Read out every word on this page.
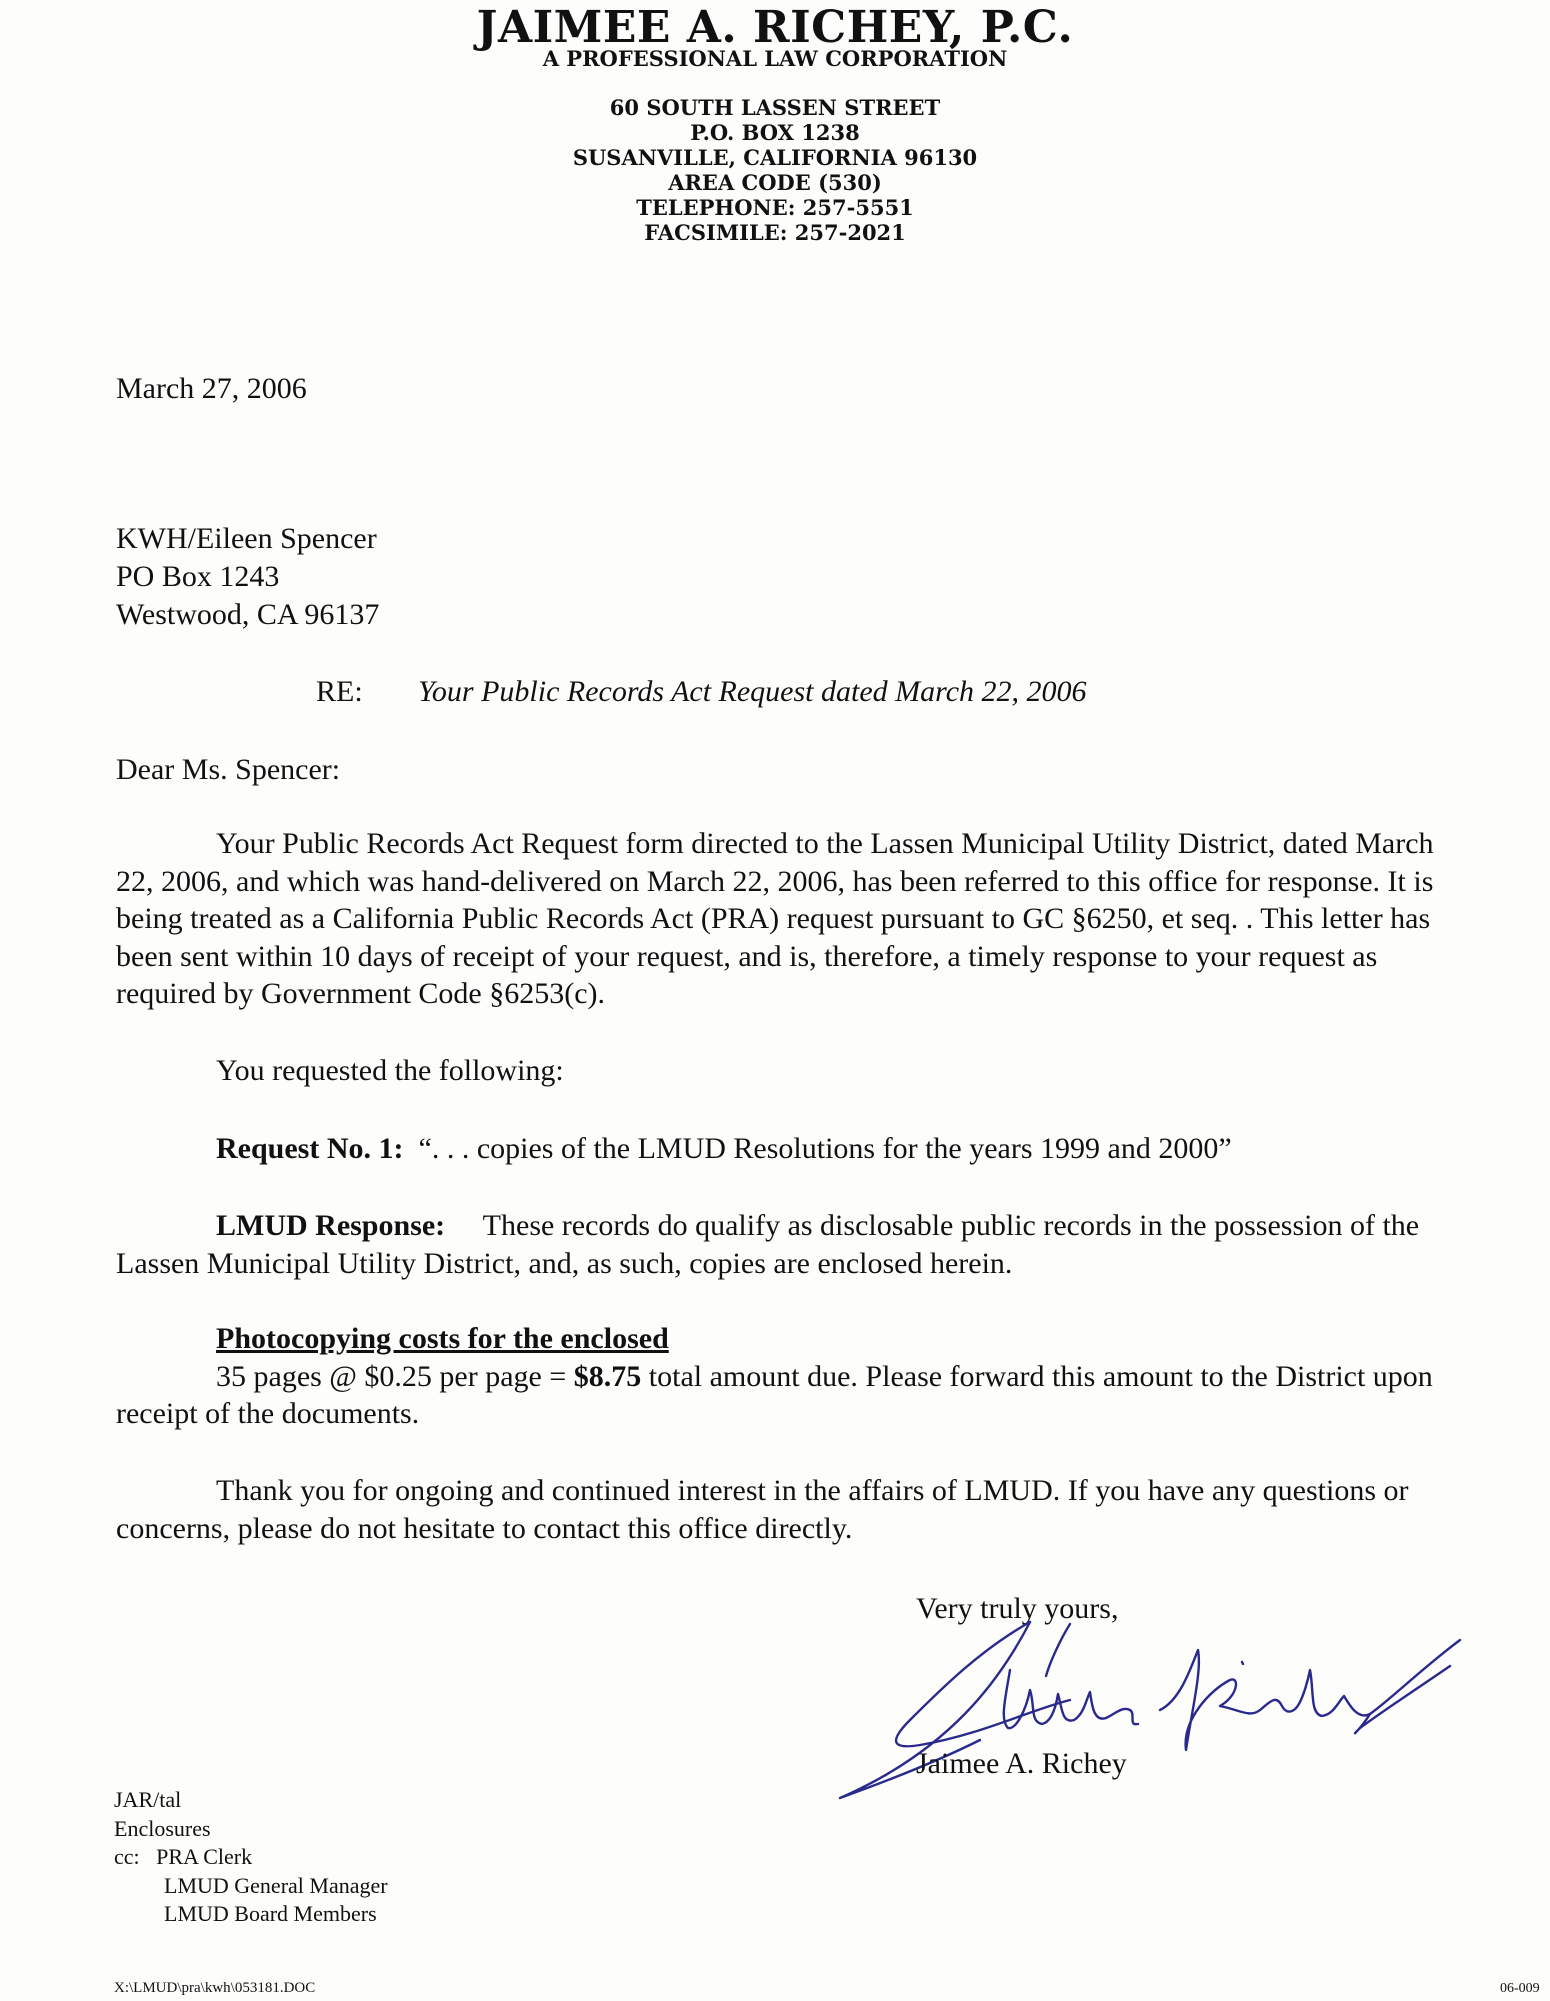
JAIMEE A. RICHEY, P.C.
A PROFESSIONAL LAW CORPORATION
60 SOUTH LASSEN STREET
P.O. BOX 1238
SUSANVILLE, CALIFORNIA 96130
AREA CODE (530)
TELEPHONE: 257-5551
FACSIMILE: 257-2021
March 27, 2006
KWH/Eileen Spencer
PO Box 1243
Westwood, CA 96137
RE: Your Public Records Act Request dated March 22, 2006
Dear Ms. Spencer:
Your Public Records Act Request form directed to the Lassen Municipal Utility District, dated March
22, 2006, and which was hand-delivered on March 22, 2006, has been referred to this office for response. It is
being treated as a California Public Records Act (PRA) request pursuant to GC §6250, et seq. . This letter has
been sent within 10 days of receipt of your request, and is, therefore, a timely response to your request as
required by Government Code §6253(c).
You requested the following:
Request No. 1: “. . . copies of the LMUD Resolutions for the years 1999 and 2000”
LMUD Response: These records do qualify as disclosable public records in the possession of the
Lassen Municipal Utility District, and, as such, copies are enclosed herein.
Photocopying costs for the enclosed
35 pages @ $0.25 per page = $8.75 total amount due. Please forward this amount to the District upon
receipt of the documents.
Thank you for ongoing and continued interest in the affairs of LMUD. If you have any questions or
concerns, please do not hesitate to contact this office directly.
Very truly yours,
Jaimee A. Richey
JAR/tal
Enclosures
cc: PRA Clerk
LMUD General Manager
LMUD Board Members
X:\LMUD\pra\kwh\053181.DOC	06-009
